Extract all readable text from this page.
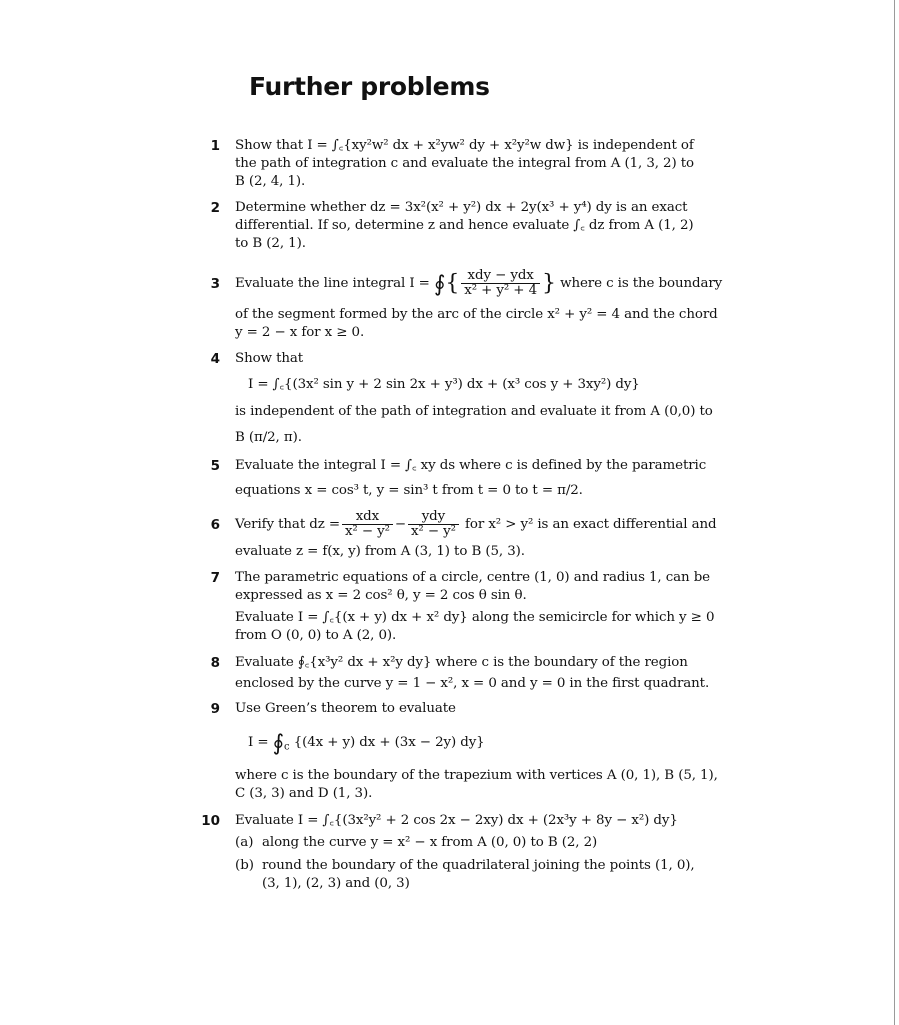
Further problems
1 Show that I = ∫꜀{xy²w² dx + x²yw² dy + x²y²w dw} is independent of
the path of integration c and evaluate the integral from A (1, 3, 2) to
B (2, 4, 1).
2 Determine whether dz = 3x²(x² + y²) dx + 2y(x³ + y⁴) dy is an exact
differential. If so, determine z and hence evaluate ∫꜀ dz from A (1, 2)
to B (2, 1).
3 Evaluate the line integral I = ∮{ $\frac{\text{xdy − ydx}}{\text{x² + y² + 4}}$ } where c is the boundary
of the segment formed by the arc of the circle x² + y² = 4 and the chord
y = 2 − x for x ≥ 0.
4 Show that
I = ∫꜀{(3x² sin y + 2 sin 2x + y³) dx + (x³ cos y + 3xy²) dy}
is independent of the path of integration and evaluate it from A (0,0) to
B (π/2, π).
5 Evaluate the integral I = ∫꜀ xy ds where c is defined by the parametric
equations x = cos³ t, y = sin³ t from t = 0 to t = π/2.
6 Verify that dz = $\frac{\text{xdx}}{\text{x² − y²}} - \frac{\text{ydy}}{\text{x² − y²}}$ for x² > y² is an exact differential and
evaluate z = f(x, y) from A (3, 1) to B (5, 3).
7 The parametric equations of a circle, centre (1, 0) and radius 1, can be
expressed as x = 2 cos² θ, y = 2 cos θ sin θ.
Evaluate I = ∫꜀{(x + y) dx + x² dy} along the semicircle for which y ≥ 0
from O (0, 0) to A (2, 0).
8 Evaluate ∮꜀{x³y² dx + x²y dy} where c is the boundary of the region
enclosed by the curve y = 1 − x², x = 0 and y = 0 in the first quadrant.
9 Use Green’s theorem to evaluate
$I = ∮_c$ {(4x + y) dx + (3x − 2y) dy}
where c is the boundary of the trapezium with vertices A (0, 1), B (5, 1),
C (3, 3) and D (1, 3).
10 Evaluate I = ∫꜀{(3x²y² + 2 cos 2x − 2xy) dx + (2x³y + 8y − x²) dy}
(a) along the curve y = x² − x from A (0, 0) to B (2, 2)
(b) round the boundary of the quadrilateral joining the points (1, 0),
(3, 1), (2, 3) and (0, 3)
